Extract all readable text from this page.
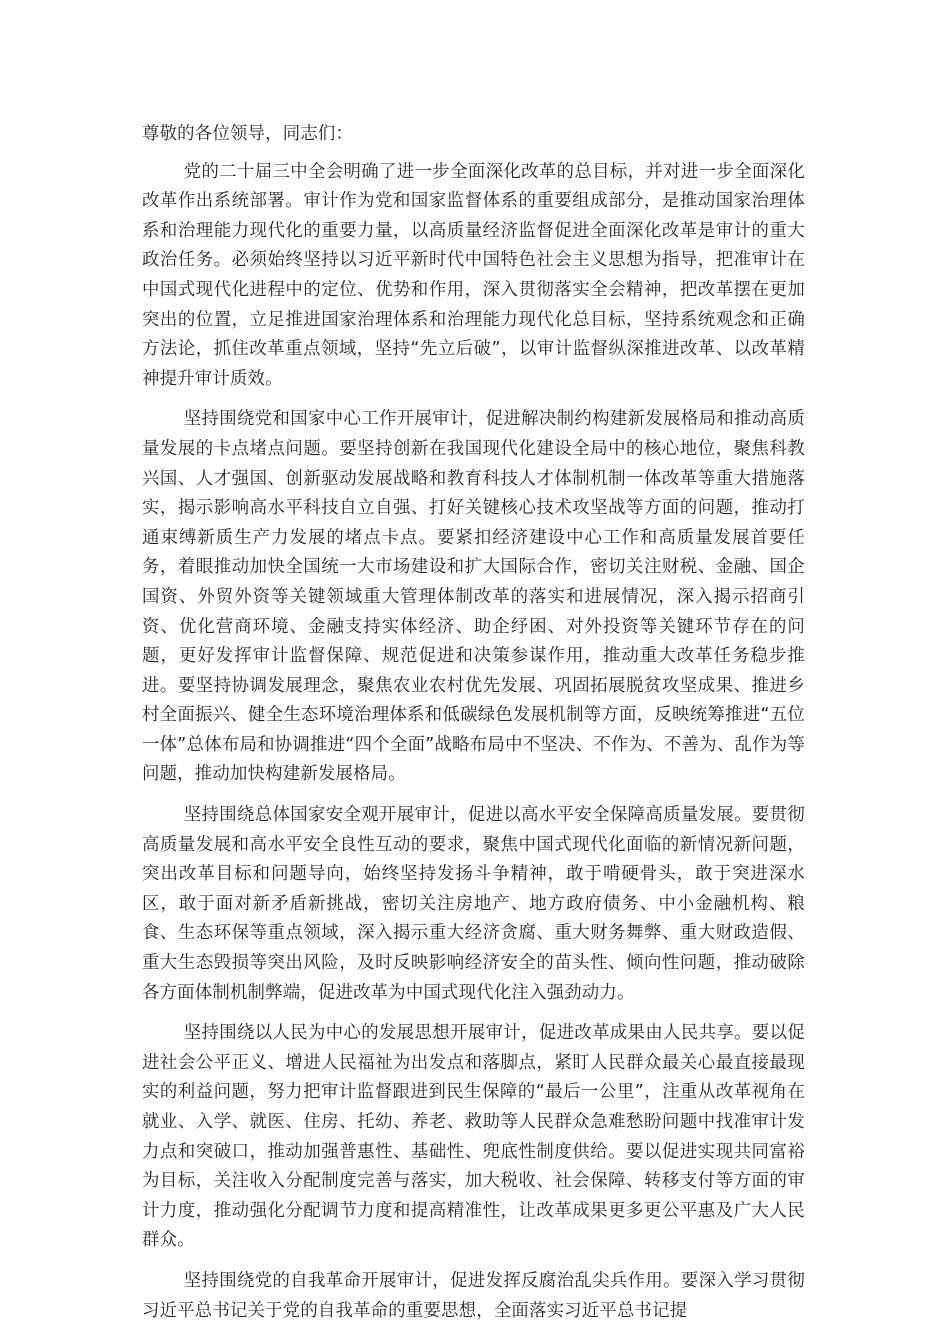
尊敬的各位领导，同志们：

党的二十届三中全会明确了进一步全面深化改革的总目标，并对进一步全面深化改革作出系统部署。审计作为党和国家监督体系的重要组成部分，是推动国家治理体系和治理能力现代化的重要力量，以高质量经济监督促进全面深化改革是审计的重大政治任务。必须始终坚持以习近平新时代中国特色社会主义思想为指导，把准审计在中国式现代化进程中的定位、优势和作用，深入贯彻落实全会精神，把改革摆在更加突出的位置，立足推进国家治理体系和治理能力现代化总目标，坚持系统观念和正确方法论，抓住改革重点领域，坚持“先立后破”，以审计监督纵深推进改革、以改革精神提升审计质效。

坚持围绕党和国家中心工作开展审计，促进解决制约构建新发展格局和推动高质量发展的卡点堵点问题。要坚持创新在我国现代化建设全局中的核心地位，聚焦科教兴国、人才强国、创新驱动发展战略和教育科技人才体制机制一体改革等重大措施落实，揭示影响高水平科技自立自强、打好关键核心技术攻坚战等方面的问题，推动打通束缚新质生产力发展的堵点卡点。要紧扣经济建设中心工作和高质量发展首要任务，着眼推动加快全国统一大市场建设和扩大国际合作，密切关注财税、金融、国企国资、外贸外资等关键领域重大管理体制改革的落实和进展情况，深入揭示招商引资、优化营商环境、金融支持实体经济、助企纾困、对外投资等关键环节存在的问题，更好发挥审计监督保障、规范促进和决策参谋作用，推动重大改革任务稳步推进。要坚持协调发展理念，聚焦农业农村优先发展、巩固拓展脱贫攻坚成果、推进乡村全面振兴、健全生态环境治理体系和低碳绿色发展机制等方面，反映统筹推进“五位一体”总体布局和协调推进“四个全面”战略布局中不坚决、不作为、不善为、乱作为等问题，推动加快构建新发展格局。

坚持围绕总体国家安全观开展审计，促进以高水平安全保障高质量发展。要贯彻高质量发展和高水平安全良性互动的要求，聚焦中国式现代化面临的新情况新问题，突出改革目标和问题导向，始终坚持发扬斗争精神，敢于啃硬骨头，敢于突进深水区，敢于面对新矛盾新挑战，密切关注房地产、地方政府债务、中小金融机构、粮食、生态环保等重点领域，深入揭示重大经济贪腐、重大财务舞弊、重大财政造假、重大生态毁损等突出风险，及时反映影响经济安全的苗头性、倾向性问题，推动破除各方面体制机制弊端，促进改革为中国式现代化注入强劲动力。

坚持围绕以人民为中心的发展思想开展审计，促进改革成果由人民共享。要以促进社会公平正义、增进人民福祉为出发点和落脚点，紧盯人民群众最关心最直接最现实的利益问题，努力把审计监督跟进到民生保障的“最后一公里”，注重从改革视角在就业、入学、就医、住房、托幼、养老、救助等人民群众急难愁盼问题中找准审计发力点和突破口，推动加强普惠性、基础性、兜底性制度供给。要以促进实现共同富裕为目标，关注收入分配制度完善与落实，加大税收、社会保障、转移支付等方面的审计力度，推动强化分配调节力度和提高精准性，让改革成果更多更公平惠及广大人民群众。

坚持围绕党的自我革命开展审计，促进发挥反腐治乱尖兵作用。要深入学习贯彻习近平总书记关于党的自我革命的重要思想，全面落实习近平总书记提
